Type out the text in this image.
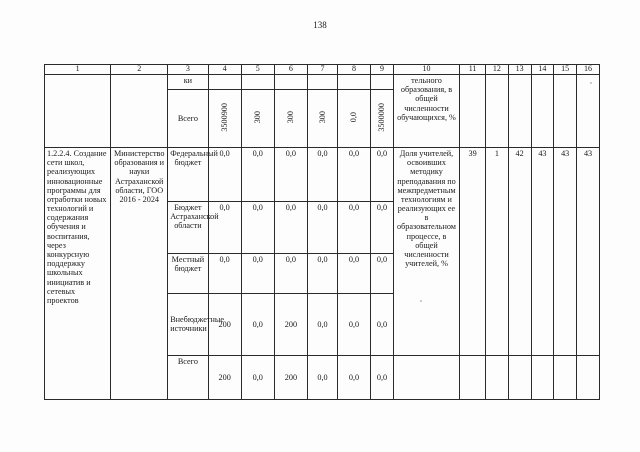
138
1	2	3	4	5	6	7	8	9	10	11	12	13	14	15	16
		ки							тельного образования, в общей численности обучающихся, %						
		Всего	3500900	300	300	300	0,0	3500000							
1.2.2.4. Создание сети школ, реализующих инновационные программы для отработки новых технологий и содержания обучения и воспитания, через конкурсную поддержку школьных инициатив и сетевых проектов	Министерство образования и науки Астраханской области, ГОО 2016 - 2024	Федеральный бюджет	0,0	0,0	0,0	0,0	0,0	0,0	Доля учителей, освоивших методику преподавания по межпредметным технологиям и реализующих ее в образовательном процессе, в общей численности учителей, %	39	1	42	43	43	43
		Бюджет Астраханской области	0,0	0,0	0,0	0,0	0,0	0,0							
		Местный бюджет	0,0	0,0	0,0	0,0	0,0	0,0							
		Внебюджетные источники	200	0,0	200	0,0	0,0	0,0							
		Всего	200	0,0	200	0,0	0,0	0,0							
